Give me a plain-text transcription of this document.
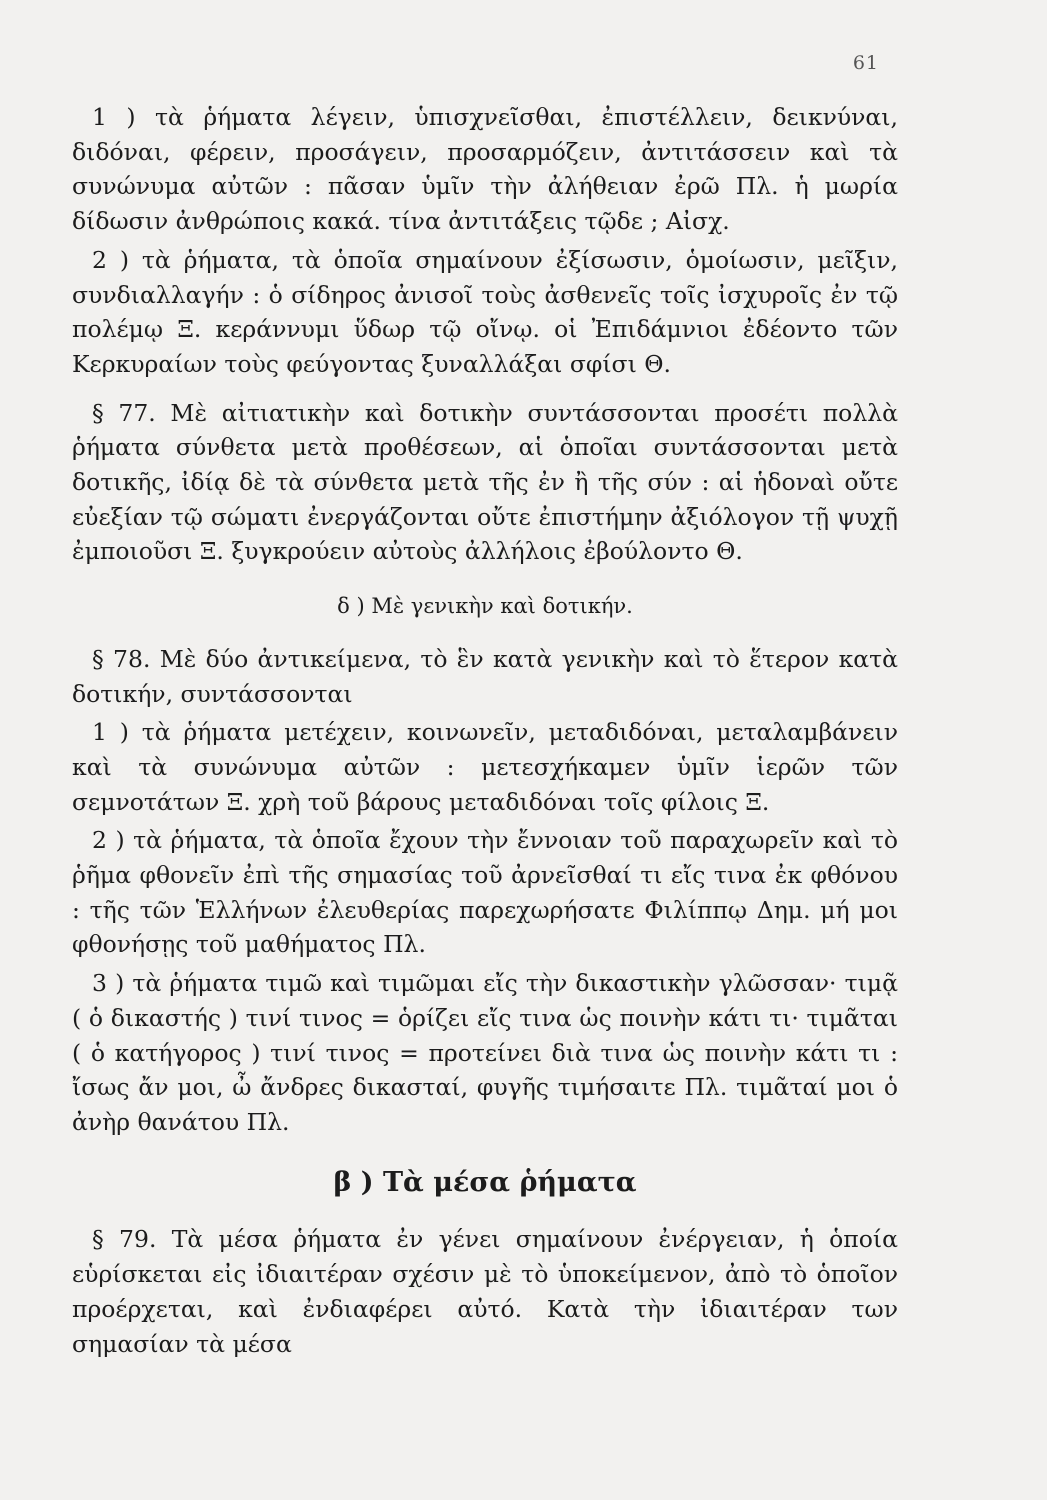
61

1 ) τὰ ῥήματα λέγειν, ὑπισχνεῖσθαι, ἐπιστέλλειν, δεικνύναι, διδόναι, φέρειν, προσάγειν, προσαρμόζειν, ἀντιτάσσειν καὶ τὰ συνώνυμα αὐτῶν : πᾶσαν ὑμῖν τὴν ἀλήθειαν ἐρῶ Πλ. ἡ μωρία δίδωσιν ἀνθρώποις κακά. τίνα ἀντιτάξεις τῷδε ; Αἰσχ.

2 ) τὰ ῥήματα, τὰ ὁποῖα σημαίνουν ἐξίσωσιν, ὁμοίωσιν, μεῖξιν, συνδιαλλαγήν : ὁ σίδηρος ἀνισοῖ τοὺς ἀσθενεῖς τοῖς ἰσχυροῖς ἐν τῷ πολέμῳ Ξ. κεράννυμι ὕδωρ τῷ οἴνῳ. οἱ Ἐπιδάμνιοι ἐδέοντο τῶν Κερκυραίων τοὺς φεύγοντας ξυναλλάξαι σφίσι Θ.

§ 77. Μὲ αἰτιατικὴν καὶ δοτικὴν συντάσσονται προσέτι πολλὰ ῥήματα σύνθετα μετὰ προθέσεων, αἱ ὁποῖαι συντάσσονται μετὰ δοτικῆς, ἰδίᾳ δὲ τὰ σύνθετα μετὰ τῆς ἐν ἢ τῆς σύν : αἱ ἡδοναὶ οὔτε εὐεξίαν τῷ σώματι ἐνεργάζονται οὔτε ἐπιστήμην ἀξιόλογον τῇ ψυχῇ ἐμποιοῦσι Ξ. ξυγκρούειν αὐτοὺς ἀλλήλοις ἐβούλοντο Θ.

δ ) Μὲ γενικὴν καὶ δοτικήν.

§ 78. Μὲ δύο ἀντικείμενα, τὸ ἓν κατὰ γενικὴν καὶ τὸ ἕτερον κατὰ δοτικήν, συντάσσονται

1 ) τὰ ῥήματα μετέχειν, κοινωνεῖν, μεταδιδόναι, μεταλαμβάνειν καὶ τὰ συνώνυμα αὐτῶν : μετεσχήκαμεν ὑμῖν ἱερῶν τῶν σεμνοτάτων Ξ. χρὴ τοῦ βάρους μεταδιδόναι τοῖς φίλοις Ξ.

2 ) τὰ ῥήματα, τὰ ὁποῖα ἔχουν τὴν ἔννοιαν τοῦ παραχωρεῖν καὶ τὸ ῥῆμα φθονεῖν ἐπὶ τῆς σημασίας τοῦ ἀρνεῖσθαί τι εἴς τινα ἐκ φθόνου : τῆς τῶν Ἑλλήνων ἐλευθερίας παρεχωρήσατε Φιλίππῳ Δημ. μή μοι φθονήσῃς τοῦ μαθήματος Πλ.

3 ) τὰ ῥήματα τιμῶ καὶ τιμῶμαι εἴς τὴν δικαστικὴν γλῶσσαν· τιμᾷ ( ὁ δικαστής ) τινί τινος = ὁρίζει εἴς τινα ὡς ποινὴν κάτι τι· τιμᾶται ( ὁ κατήγορος ) τινί τινος = προτείνει διὰ τινα ὡς ποινὴν κάτι τι : ἴσως ἄν μοι, ὦ ἄνδρες δικασταί, φυγῆς τιμήσαιτε Πλ. τιμᾶταί μοι ὁ ἀνὴρ θανάτου Πλ.

β ) Τὰ μέσα ῥήματα

§ 79. Τὰ μέσα ῥήματα ἐν γένει σημαίνουν ἐνέργειαν, ἡ ὁποία εὑρίσκεται εἰς ἰδιαιτέραν σχέσιν μὲ τὸ ὑποκείμενον, ἀπὸ τὸ ὁποῖον προέρχεται, καὶ ἐνδιαφέρει αὐτό. Κατὰ τὴν ἰδιαιτέραν των σημασίαν τὰ μέσα
